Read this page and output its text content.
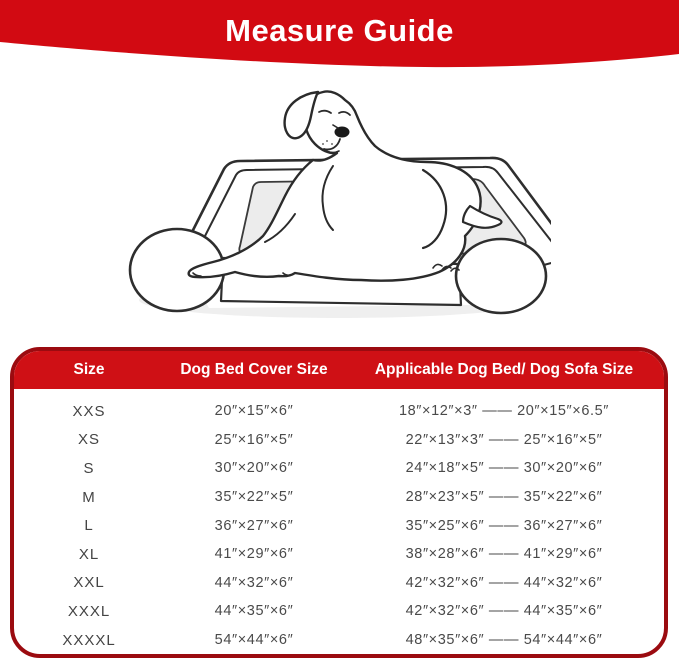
Measure Guide
Size	Dog Bed Cover Size	Applicable Dog Bed/ Dog Sofa Size
XXS	20″×15″×6″	18″×12″×3″ —— 20″×15″×6.5″
XS	25″×16″×5″	22″×13″×3″ —— 25″×16″×5″
S	30″×20″×6″	24″×18″×5″ —— 30″×20″×6″
M	35″×22″×5″	28″×23″×5″ —— 35″×22″×6″
L	36″×27″×6″	35″×25″×6″ —— 36″×27″×6″
XL	41″×29″×6″	38″×28″×6″ —— 41″×29″×6″
XXL	44″×32″×6″	42″×32″×6″ —— 44″×32″×6″
XXXL	44″×35″×6″	42″×32″×6″ —— 44″×35″×6″
XXXXL	54″×44″×6″	48″×35″×6″ —— 54″×44″×6″
